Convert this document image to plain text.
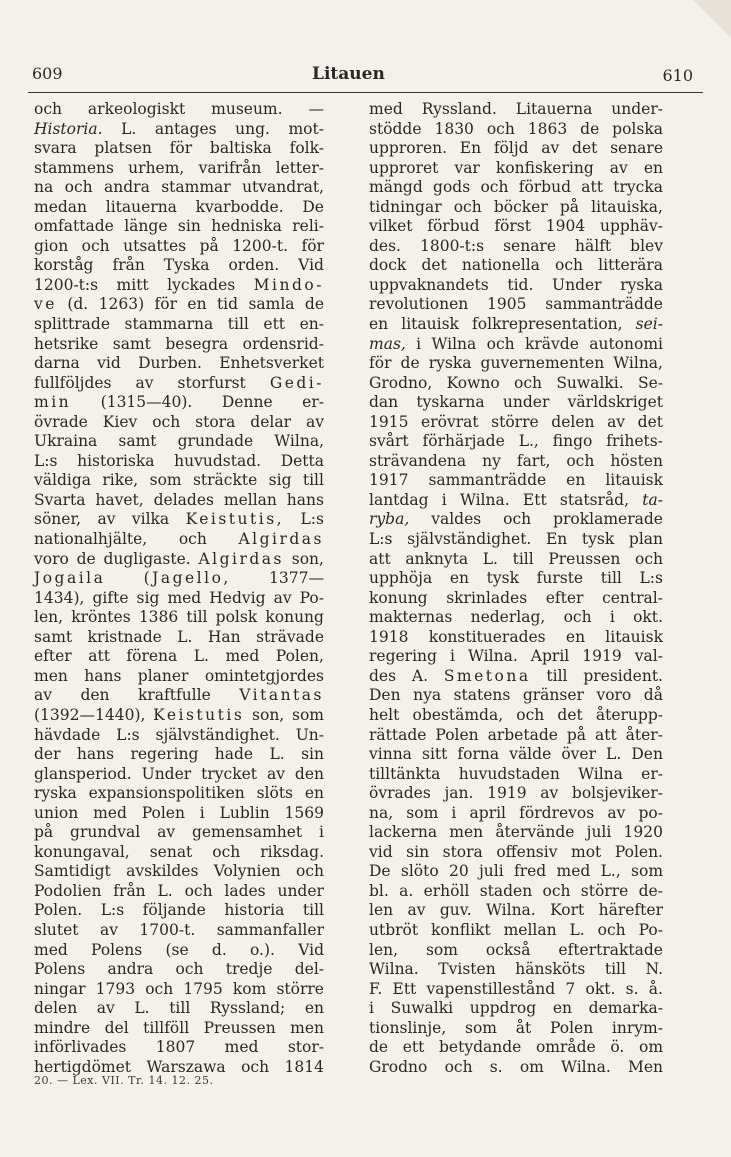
609	Litauen	610
och arkeologiskt museum. —
Historia. L. antages ung. mot-
svara platsen för baltiska folk-
stammens urhem, varifrån letter-
na och andra stammar utvandrat,
medan litauerna kvarbodde. De
omfattade länge sin hedniska reli-
gion och utsattes på 1200-t. för
korståg från Tyska orden. Vid
1200-t:s mitt lyckades Mindo-
ve (d. 1263) för en tid samla de
splittrade stammarna till ett en-
hetsrike samt besegra ordensrid-
darna vid Durben. Enhetsverket
fullföljdes av storfurst Gedi-
min (1315—40). Denne er-
övrade Kiev och stora delar av
Ukraina samt grundade Wilna,
L:s historiska huvudstad. Detta
väldiga rike, som sträckte sig till
Svarta havet, delades mellan hans
söner, av vilka Keistutis, L:s
nationalhjälte, och Algirdas
voro de dugligaste. Algirdas son,
Jogaila (Jagello, 1377—
1434), gifte sig med Hedvig av Po-
len, kröntes 1386 till polsk konung
samt kristnade L. Han strävade
efter att förena L. med Polen,
men hans planer omintetgjordes
av den kraftfulle Vitantas
(1392—1440), Keistutis son, som
hävdade L:s självständighet. Un-
der hans regering hade L. sin
glansperiod. Under trycket av den
ryska expansionspolitiken slöts en
union med Polen i Lublin 1569
på grundval av gemensamhet i
konungaval, senat och riksdag.
Samtidigt avskildes Volynien och
Podolien från L. och lades under
Polen. L:s följande historia till
slutet av 1700-t. sammanfaller
med Polens (se d. o.). Vid
Polens andra och tredje del-
ningar 1793 och 1795 kom större
delen av L. till Ryssland; en
mindre del tillföll Preussen men
införlivades 1807 med stor-
hertigdömet Warszawa och 1814
med Ryssland. Litauerna under-
stödde 1830 och 1863 de polska
upproren. En följd av det senare
upproret var konfiskering av en
mängd gods och förbud att trycka
tidningar och böcker på litauiska,
vilket förbud först 1904 upphäv-
des. 1800-t:s senare hälft blev
dock det nationella och litterära
uppvaknandets tid. Under ryska
revolutionen 1905 sammanträdde
en litauisk folkrepresentation, sei-
mas, i Wilna och krävde autonomi
för de ryska guvernementen Wilna,
Grodno, Kowno och Suwalki. Se-
dan tyskarna under världskriget
1915 erövrat större delen av det
svårt förhärjade L., fingo frihets-
strävandena ny fart, och hösten
1917 sammanträdde en litauisk
lantdag i Wilna. Ett statsråd, ta-
ryba, valdes och proklamerade
L:s självständighet. En tysk plan
att anknyta L. till Preussen och
upphöja en tysk furste till L:s
konung skrinlades efter central-
makternas nederlag, och i okt.
1918 konstituerades en litauisk
regering i Wilna. April 1919 val-
des A. Smetona till president.
Den nya statens gränser voro då
helt obestämda, och det återupp-
rättade Polen arbetade på att åter-
vinna sitt forna välde över L. Den
tilltänkta huvudstaden Wilna er-
övrades jan. 1919 av bolsjeviker-
na, som i april fördrevos av po-
lackerna men återvände juli 1920
vid sin stora offensiv mot Polen.
De slöto 20 juli fred med L., som
bl. a. erhöll staden och större de-
len av guv. Wilna. Kort härefter
utbröt konflikt mellan L. och Po-
len, som också eftertraktade
Wilna. Tvisten hänsköts till N.
F. Ett vapenstillestånd 7 okt. s. å.
i Suwalki uppdrog en demarka-
tionslinje, som åt Polen inrym-
de ett betydande område ö. om
Grodno och s. om Wilna. Men
20. — Lex. VII. Tr. 14. 12. 25.
